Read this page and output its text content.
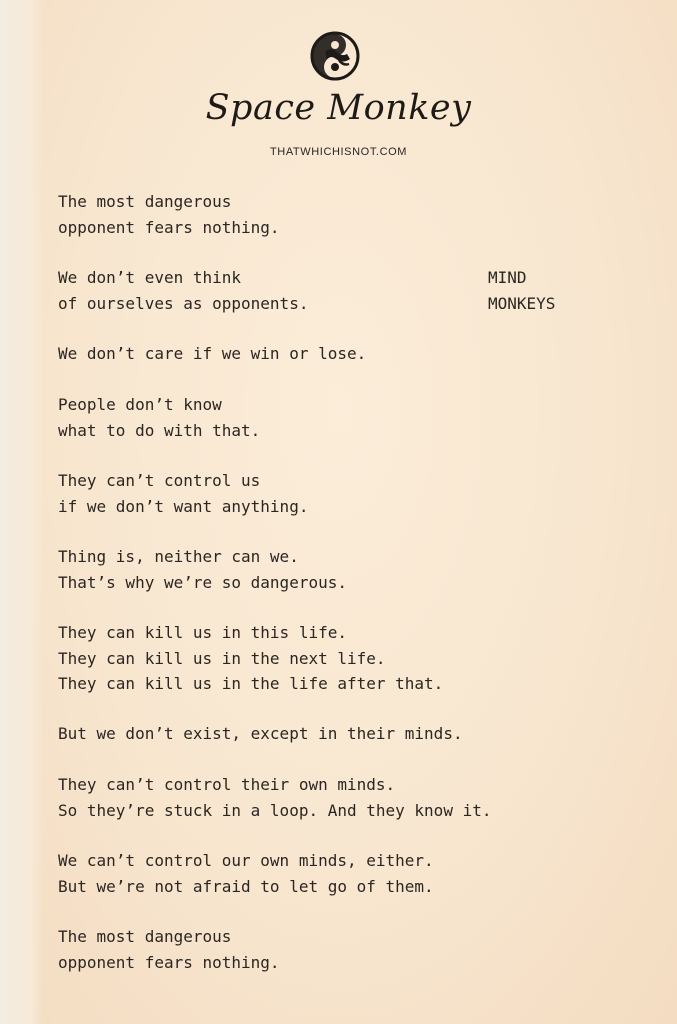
Space Monkey
THATWHICHISNOT.COM
MIND
MONKEYS
The most dangerous
opponent fears nothing.
We don’t even think
of ourselves as opponents.
We don’t care if we win or lose.
People don’t know
what to do with that.
They can’t control us
if we don’t want anything.
Thing is, neither can we.
That’s why we’re so dangerous.
They can kill us in this life.
They can kill us in the next life.
They can kill us in the life after that.
But we don’t exist, except in their minds.
They can’t control their own minds.
So they’re stuck in a loop. And they know it.
We can’t control our own minds, either.
But we’re not afraid to let go of them.
The most dangerous
opponent fears nothing.
